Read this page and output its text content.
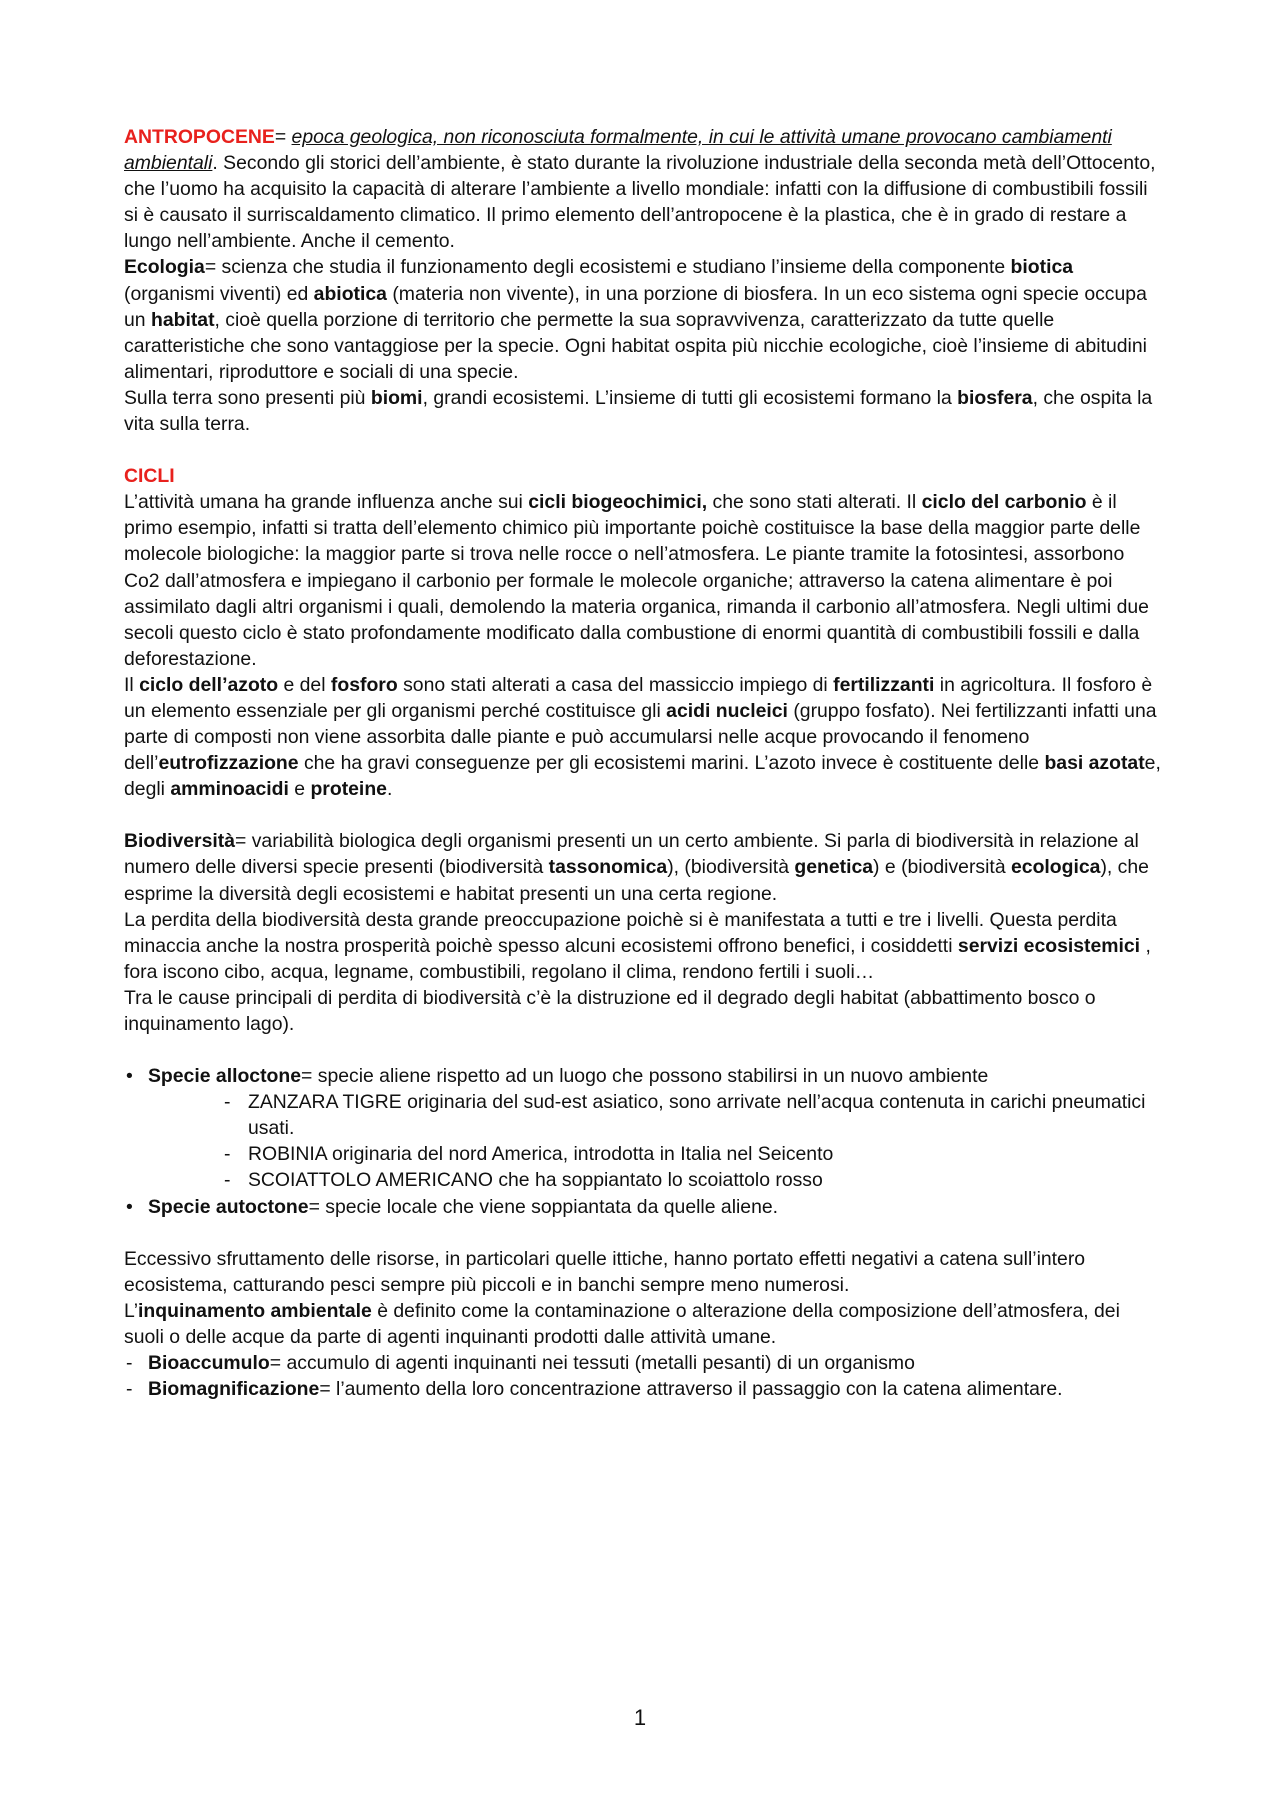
ANTROPOCENE= epoca geologica, non riconosciuta formalmente, in cui le attività umane provocano cambiamenti ambientali. Secondo gli storici dell’ambiente, è stato durante la rivoluzione industriale della seconda metà dell’Ottocento, che l’uomo ha acquisito la capacità di alterare l’ambiente a livello mondiale: infatti con la diffusione di combustibili fossili si è causato il surriscaldamento climatico. Il primo elemento dell’antropocene è la plastica, che è in grado di restare a lungo nell’ambiente. Anche il cemento.

Ecologia= scienza che studia il funzionamento degli ecosistemi e studiano l’insieme della componente biotica (organismi viventi) ed abiotica (materia non vivente), in una porzione di biosfera. In un eco sistema ogni specie occupa un habitat, cioè quella porzione di territorio che permette la sua sopravvivenza, caratterizzato da tutte quelle caratteristiche che sono vantaggiose per la specie. Ogni habitat ospita più nicchie ecologiche, cioè l’insieme di abitudini alimentari, riproduttore e sociali di una specie.

Sulla terra sono presenti più biomi, grandi ecosistemi. L’insieme di tutti gli ecosistemi formano la biosfera, che ospita la vita sulla terra.

CICLI

L’attività umana ha grande influenza anche sui cicli biogeochimici, che sono stati alterati. Il ciclo del carbonio è il primo esempio, infatti si tratta dell’elemento chimico più importante poichè costituisce la base della maggior parte delle molecole biologiche: la maggior parte si trova nelle rocce o nell’atmosfera. Le piante tramite la fotosintesi, assorbono Co2 dall’atmosfera e impiegano il carbonio per formale le molecole organiche; attraverso la catena alimentare è poi assimilato dagli altri organismi i quali, demolendo la materia organica, rimanda il carbonio all’atmosfera. Negli ultimi due secoli questo ciclo è stato profondamente modificato dalla combustione di enormi quantità di combustibili fossili e dalla deforestazione.

Il ciclo dell’azoto e del fosforo sono stati alterati a casa del massiccio impiego di fertilizzanti in agricoltura. Il fosforo è un elemento essenziale per gli organismi perché costituisce gli acidi nucleici (gruppo fosfato). Nei fertilizzanti infatti una parte di composti non viene assorbita dalle piante e può accumularsi nelle acque provocando il fenomeno dell’eutrofizzazione che ha gravi conseguenze per gli ecosistemi marini. L’azoto invece è costituente delle basi azotate, degli amminoacidi e proteine.

Biodiversità= variabilità biologica degli organismi presenti un un certo ambiente. Si parla di biodiversità in relazione al numero delle diversi specie presenti (biodiversità tassonomica), (biodiversità genetica) e (biodiversità ecologica), che esprime la diversità degli ecosistemi e habitat presenti un una certa regione.

La perdita della biodiversità desta grande preoccupazione poichè si è manifestata a tutti e tre i livelli. Questa perdita minaccia anche la nostra prosperità poichè spesso alcuni ecosistemi offrono benefici, i cosiddetti servizi ecosistemici , fora iscono cibo, acqua, legname, combustibili, regolano il clima, rendono fertili i suoli…

Tra le cause principali di perdita di biodiversità c’è la distruzione ed il degrado degli habitat (abbattimento bosco o inquinamento lago).

• Specie alloctone= specie aliene rispetto ad un luogo che possono stabilirsi in un nuovo ambiente
- ZANZARA TIGRE originaria del sud-est asiatico, sono arrivate nell’acqua contenuta in carichi pneumatici usati.
- ROBINIA originaria del nord America, introdotta in Italia nel Seicento
- SCOIATTOLO AMERICANO che ha soppiantato lo scoiattolo rosso
• Specie autoctone= specie locale che viene soppiantata da quelle aliene.

Eccessivo sfruttamento delle risorse, in particolari quelle ittiche, hanno portato effetti negativi a catena sull’intero ecosistema, catturando pesci sempre più piccoli e in banchi sempre meno numerosi.

L’inquinamento ambientale è definito come la contaminazione o alterazione della composizione dell’atmosfera, dei suoli o delle acque da parte di agenti inquinanti prodotti dalle attività umane.

- Bioaccumulo= accumulo di agenti inquinanti nei tessuti (metalli pesanti) di un organismo
- Biomagnificazione= l’aumento della loro concentrazione attraverso il passaggio con la catena alimentare.
1
